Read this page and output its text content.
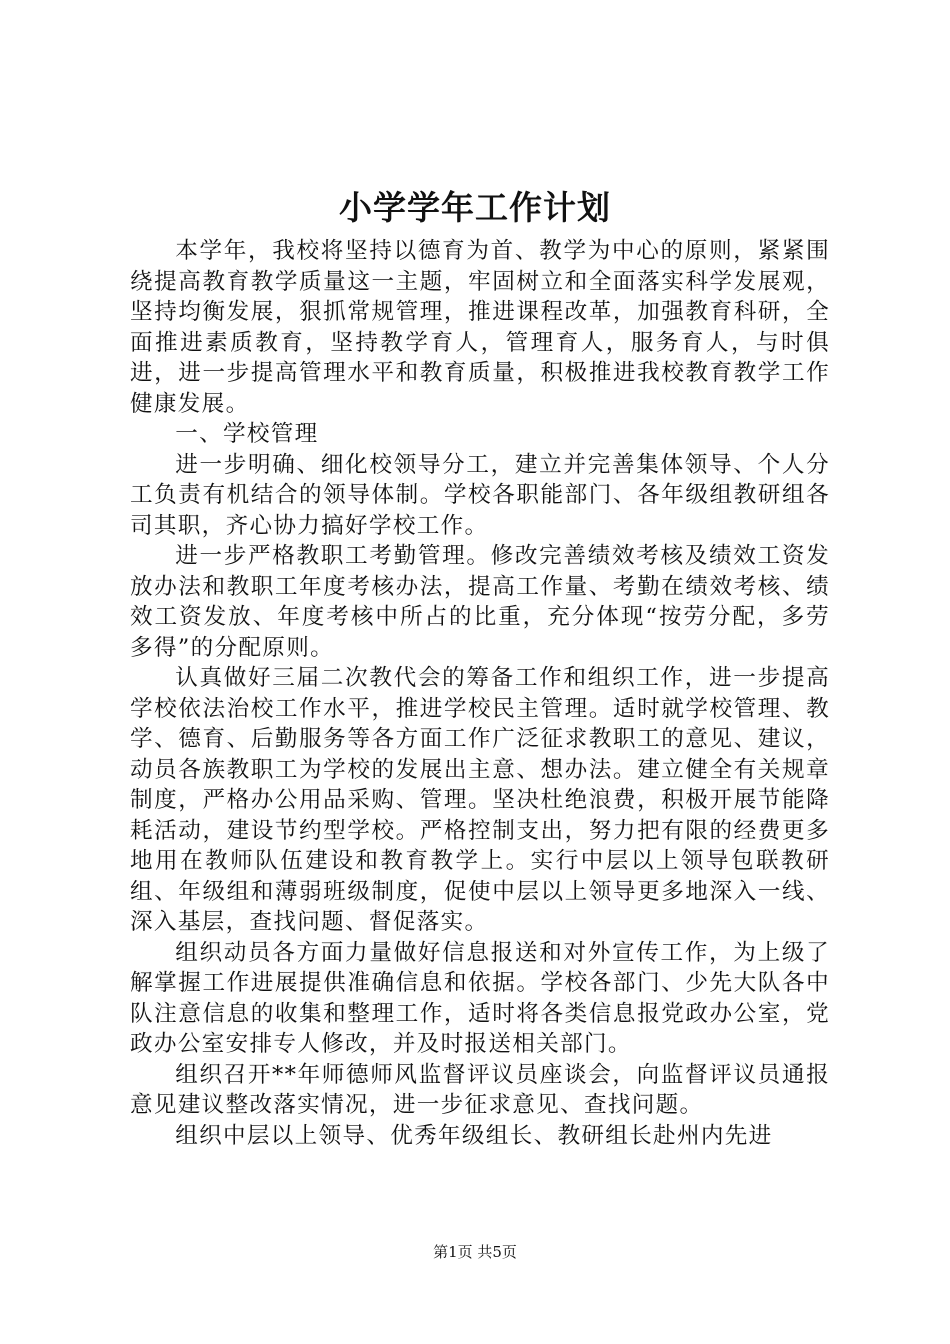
小学学年工作计划

本学年，我校将坚持以德育为首、教学为中心的原则，紧紧围绕提高教育教学质量这一主题，牢固树立和全面落实科学发展观，坚持均衡发展，狠抓常规管理，推进课程改革，加强教育科研，全面推进素质教育，坚持教学育人，管理育人，服务育人，与时俱进，进一步提高管理水平和教育质量，积极推进我校教育教学工作健康发展。

一、学校管理

进一步明确、细化校领导分工，建立并完善集体领导、个人分工负责有机结合的领导体制。学校各职能部门、各年级组教研组各司其职，齐心协力搞好学校工作。

进一步严格教职工考勤管理。修改完善绩效考核及绩效工资发放办法和教职工年度考核办法，提高工作量、考勤在绩效考核、绩效工资发放、年度考核中所占的比重，充分体现“按劳分配，多劳多得”的分配原则。

认真做好三届二次教代会的筹备工作和组织工作，进一步提高学校依法治校工作水平，推进学校民主管理。适时就学校管理、教学、德育、后勤服务等各方面工作广泛征求教职工的意见、建议，动员各族教职工为学校的发展出主意、想办法。建立健全有关规章制度，严格办公用品采购、管理。坚决杜绝浪费，积极开展节能降耗活动，建设节约型学校。严格控制支出，努力把有限的经费更多地用在教师队伍建设和教育教学上。实行中层以上领导包联教研组、年级组和薄弱班级制度，促使中层以上领导更多地深入一线、深入基层，查找问题、督促落实。

组织动员各方面力量做好信息报送和对外宣传工作，为上级了解掌握工作进展提供准确信息和依据。学校各部门、少先大队各中队注意信息的收集和整理工作，适时将各类信息报党政办公室，党政办公室安排专人修改，并及时报送相关部门。

组织召开**年师德师风监督评议员座谈会，向监督评议员通报意见建议整改落实情况，进一步征求意见、查找问题。

组织中层以上领导、优秀年级组长、教研组长赴州内先进

第1页 共5页
